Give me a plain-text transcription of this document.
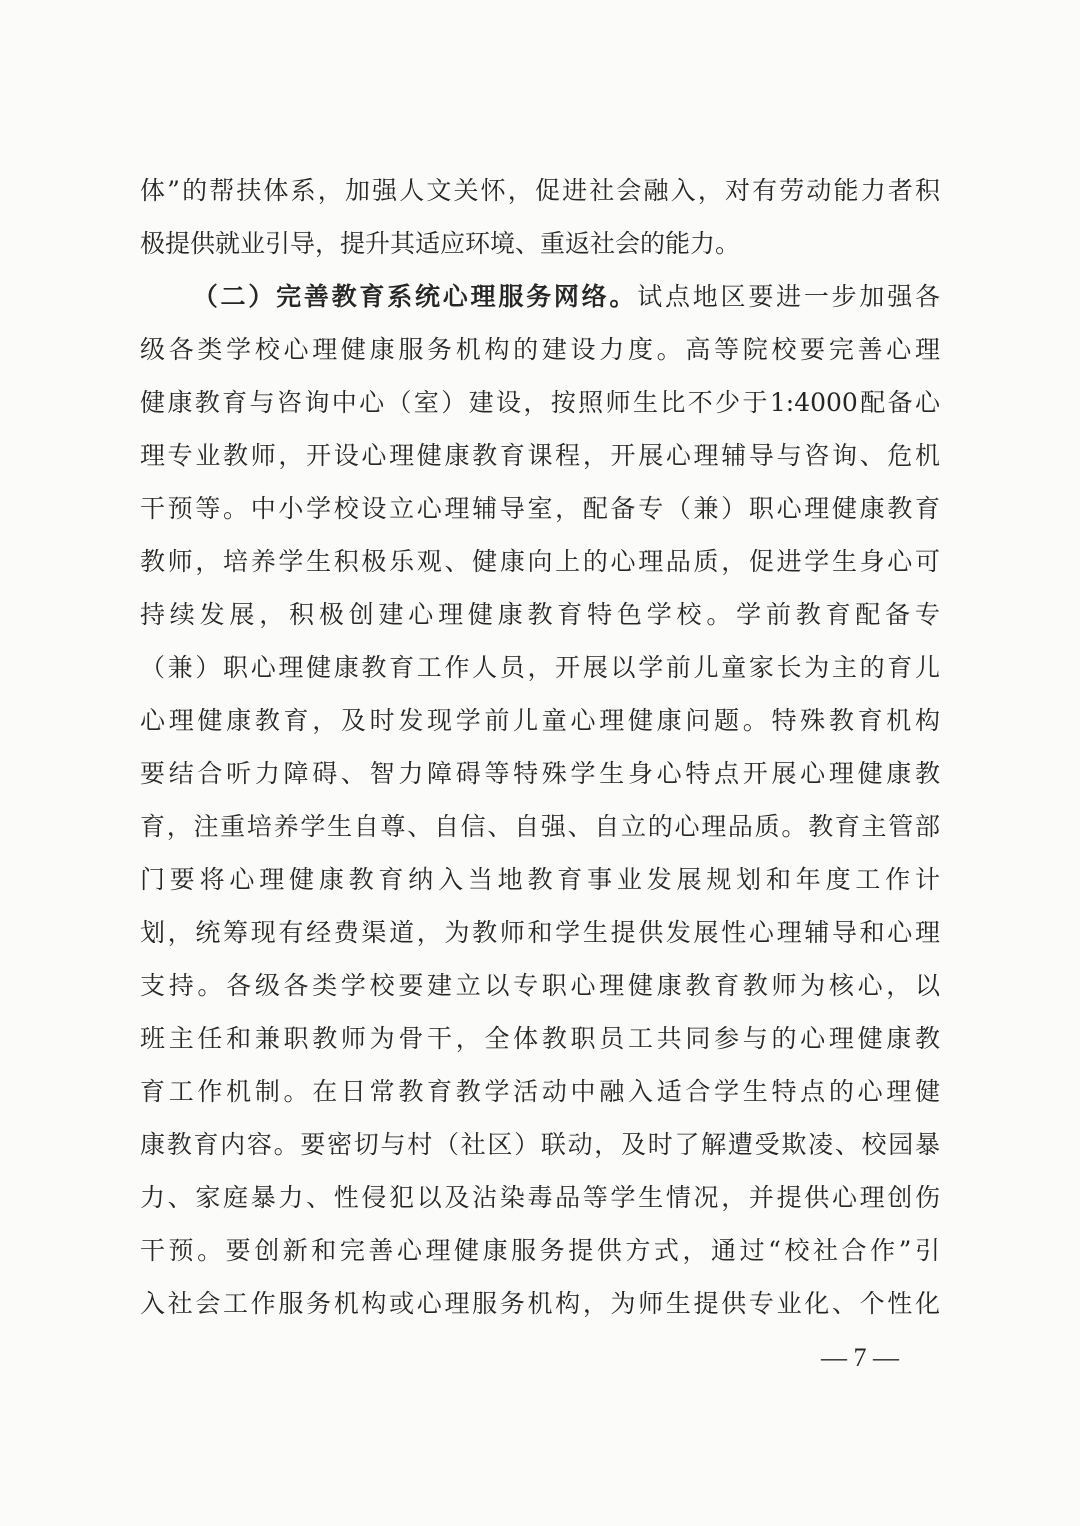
体”的帮扶体系，加强人文关怀，促进社会融入，对有劳动能力者积
极提供就业引导，提升其适应环境、重返社会的能力。
（二）完善教育系统心理服务网络。试点地区要进一步加强各
级各类学校心理健康服务机构的建设力度。高等院校要完善心理
健康教育与咨询中心（室）建设，按照师生比不少于1:4000配备心
理专业教师，开设心理健康教育课程，开展心理辅导与咨询、危机
干预等。中小学校设立心理辅导室，配备专（兼）职心理健康教育
教师，培养学生积极乐观、健康向上的心理品质，促进学生身心可
持续发展，积极创建心理健康教育特色学校。学前教育配备专
（兼）职心理健康教育工作人员，开展以学前儿童家长为主的育儿
心理健康教育，及时发现学前儿童心理健康问题。特殊教育机构
要结合听力障碍、智力障碍等特殊学生身心特点开展心理健康教
育，注重培养学生自尊、自信、自强、自立的心理品质。教育主管部
门要将心理健康教育纳入当地教育事业发展规划和年度工作计
划，统筹现有经费渠道，为教师和学生提供发展性心理辅导和心理
支持。各级各类学校要建立以专职心理健康教育教师为核心，以
班主任和兼职教师为骨干，全体教职员工共同参与的心理健康教
育工作机制。在日常教育教学活动中融入适合学生特点的心理健
康教育内容。要密切与村（社区）联动，及时了解遭受欺凌、校园暴
力、家庭暴力、性侵犯以及沾染毒品等学生情况，并提供心理创伤
干预。要创新和完善心理健康服务提供方式，通过“校社合作”引
入社会工作服务机构或心理服务机构，为师生提供专业化、个性化
— 7 —
